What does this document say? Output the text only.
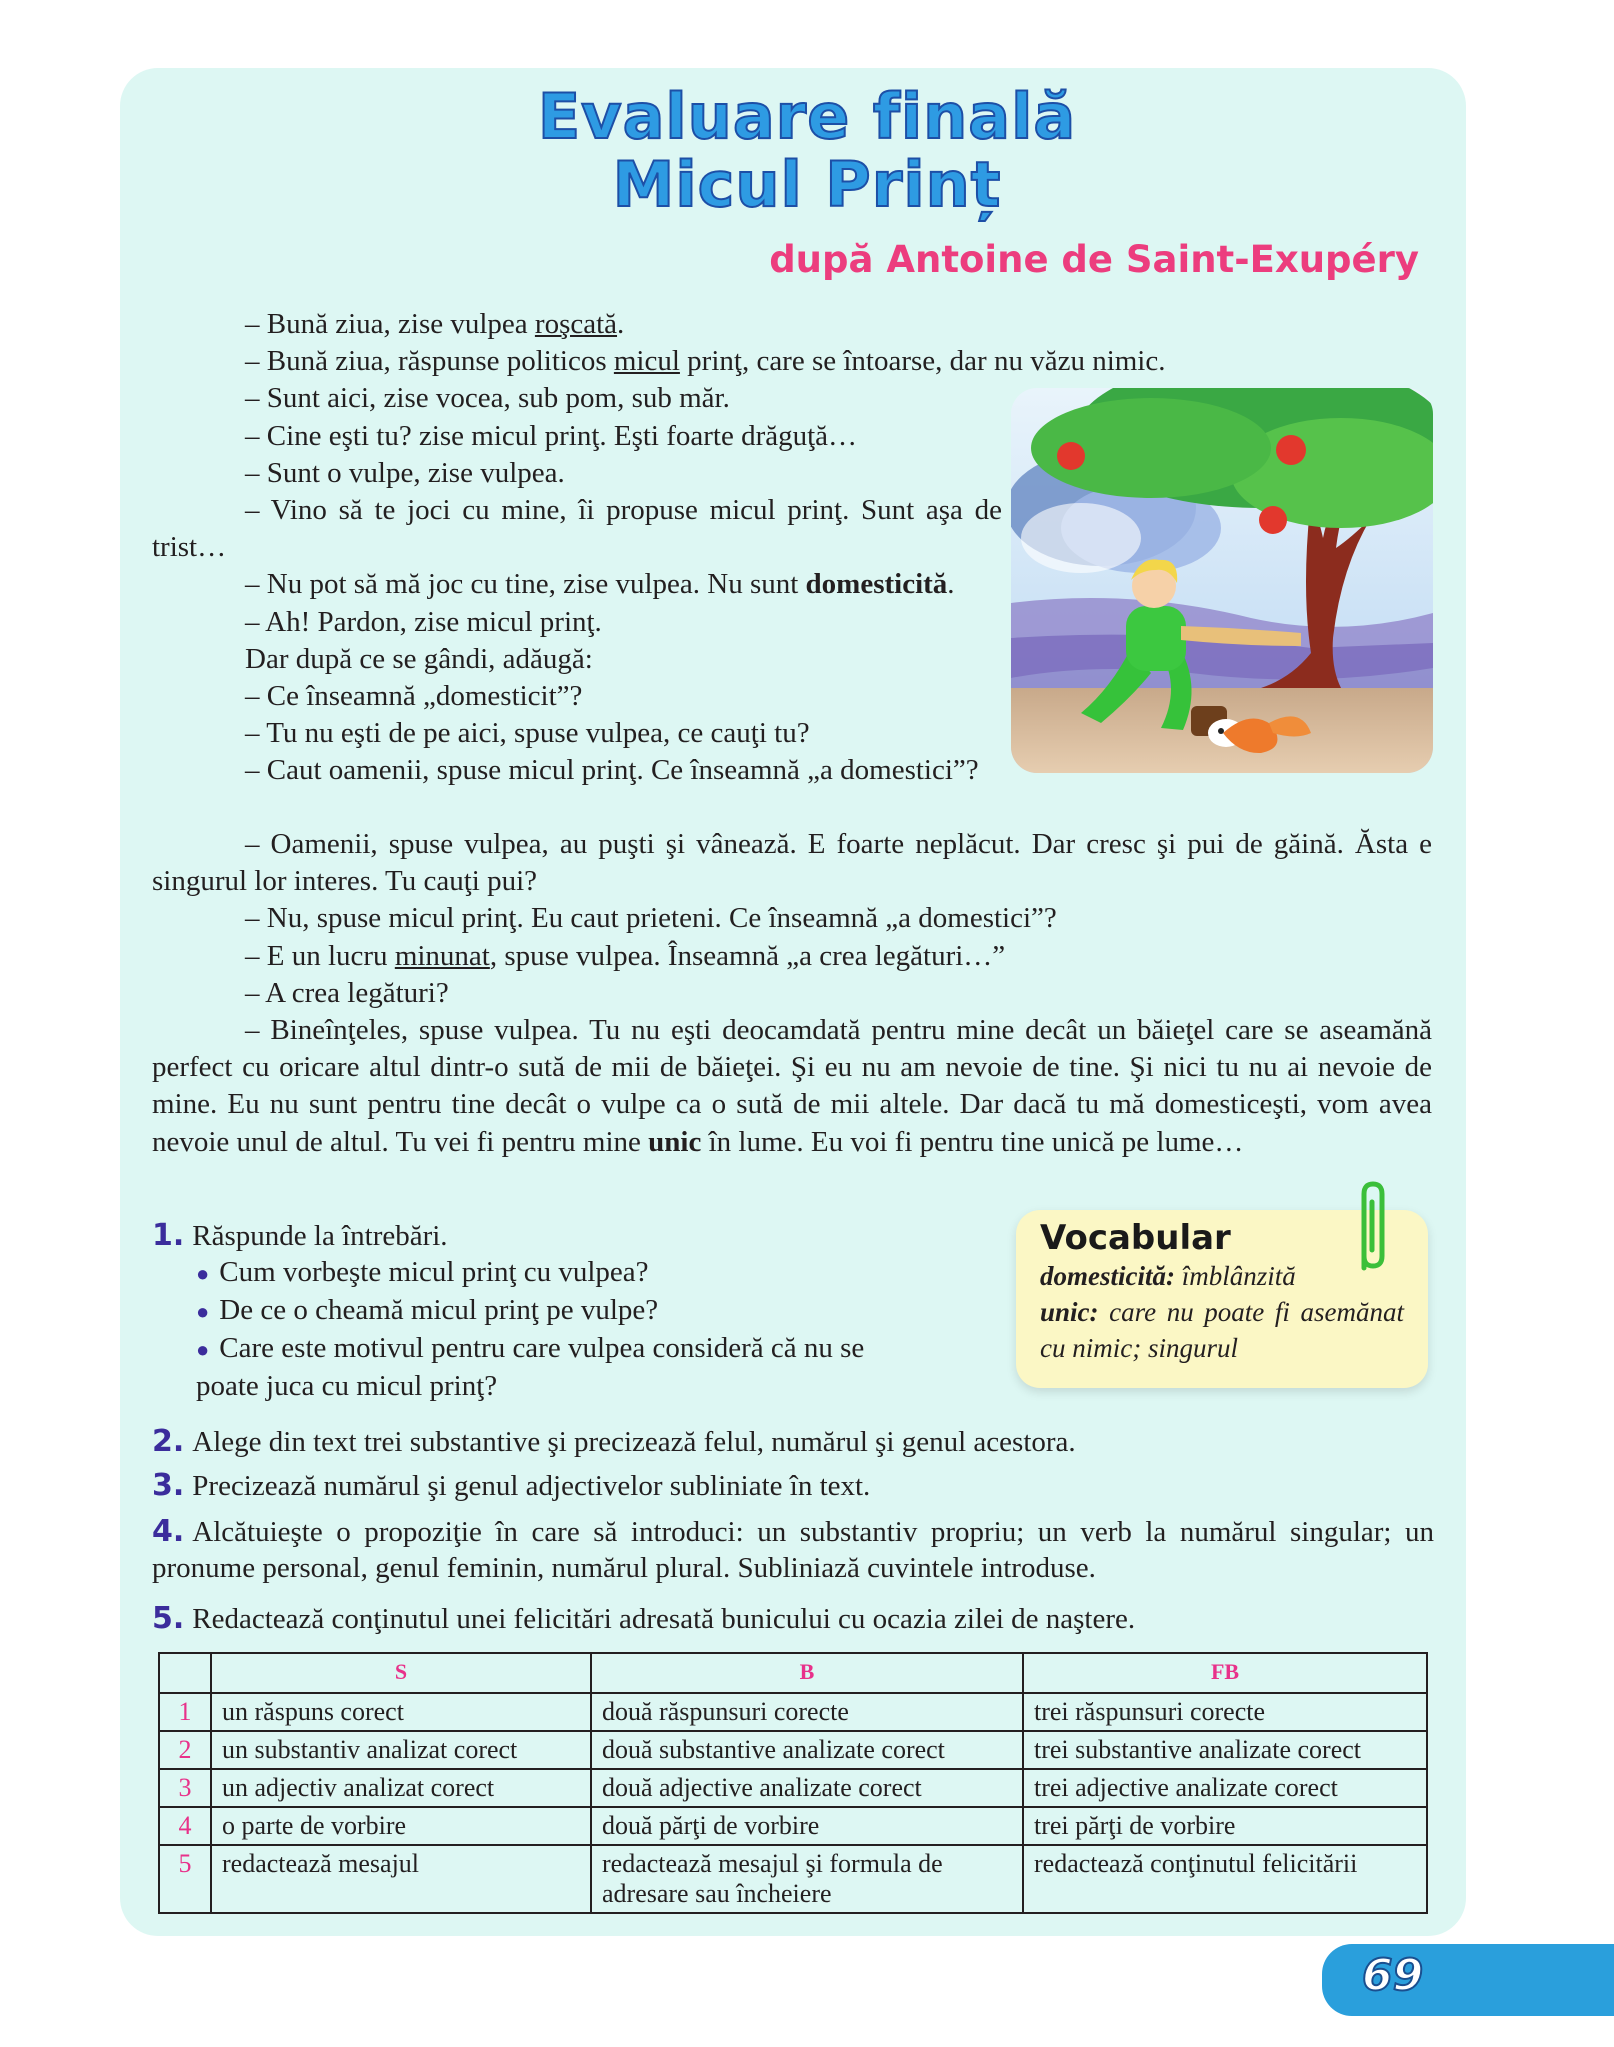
Evaluare finală
Micul Prinț
după Antoine de Saint-Exupéry

– Bună ziua, zise vulpea roşcată.

– Bună ziua, răspunse politicos micul prinţ, care se întoarse, dar nu văzu nimic.

– Sunt aici, zise vocea, sub pom, sub măr.

– Cine eşti tu? zise micul prinţ. Eşti foarte drăguţă…

– Sunt o vulpe, zise vulpea.

– Vino să te joci cu mine, îi propuse micul prinţ. Sunt aşa de trist…

– Nu pot să mă joc cu tine, zise vulpea. Nu sunt domesticită.

– Ah! Pardon, zise micul prinţ.

Dar după ce se gândi, adăugă:

– Ce înseamnă „domesticit”?

– Tu nu eşti de pe aici, spuse vulpea, ce cauţi tu?

– Caut oamenii, spuse micul prinţ. Ce înseamnă „a domestici”?

– Oamenii, spuse vulpea, au puşti şi vânează. E foarte neplăcut. Dar cresc şi pui de găină. Ăsta e singurul lor interes. Tu cauţi pui?

– Nu, spuse micul prinţ. Eu caut prieteni. Ce înseamnă „a domestici”?

– E un lucru minunat, spuse vulpea. Înseamnă „a crea legături…”

– A crea legături?

– Bineînţeles, spuse vulpea. Tu nu eşti deocamdată pentru mine decât un băieţel care se aseamănă perfect cu oricare altul dintr-o sută de mii de băieţei. Şi eu nu am nevoie de tine. Şi nici tu nu ai nevoie de mine. Eu nu sunt pentru tine decât o vulpe ca o sută de mii altele. Dar dacă tu mă domesticeşti, vom avea nevoie unul de altul. Tu vei fi pentru mine unic în lume. Eu voi fi pentru tine unică pe lume…

1. Răspunde la întrebări.
● Cum vorbeşte micul prinţ cu vulpea?
● De ce o cheamă micul prinţ pe vulpe?
● Care este motivul pentru care vulpea consideră că nu se
poate juca cu micul prinţ?
Vocabular
domesticită: îmblânzită
unic: care nu poate fi asemănat cu nimic; singurul
2. Alege din text trei substantive şi precizează felul, numărul şi genul acestora.
3. Precizează numărul şi genul adjectivelor subliniate în text.
4. Alcătuieşte o propoziţie în care să introduci: un substantiv propriu; un verb la numărul singular; un pronume personal, genul feminin, numărul plural. Subliniază cuvintele introduse.
5. Redactează conţinutul unei felicitări adresată bunicului cu ocazia zilei de naştere.
	S	B	FB
1	un răspuns corect	două răspunsuri corecte	trei răspunsuri corecte
2	un substantiv analizat corect	două substantive analizate corect	trei substantive analizate corect
3	un adjectiv analizat corect	două adjective analizate corect	trei adjective analizate corect
4	o parte de vorbire	două părţi de vorbire	trei părţi de vorbire
5	redactează mesajul	redactează mesajul şi formula de adresare sau încheiere	redactează conţinutul felicitării
69
